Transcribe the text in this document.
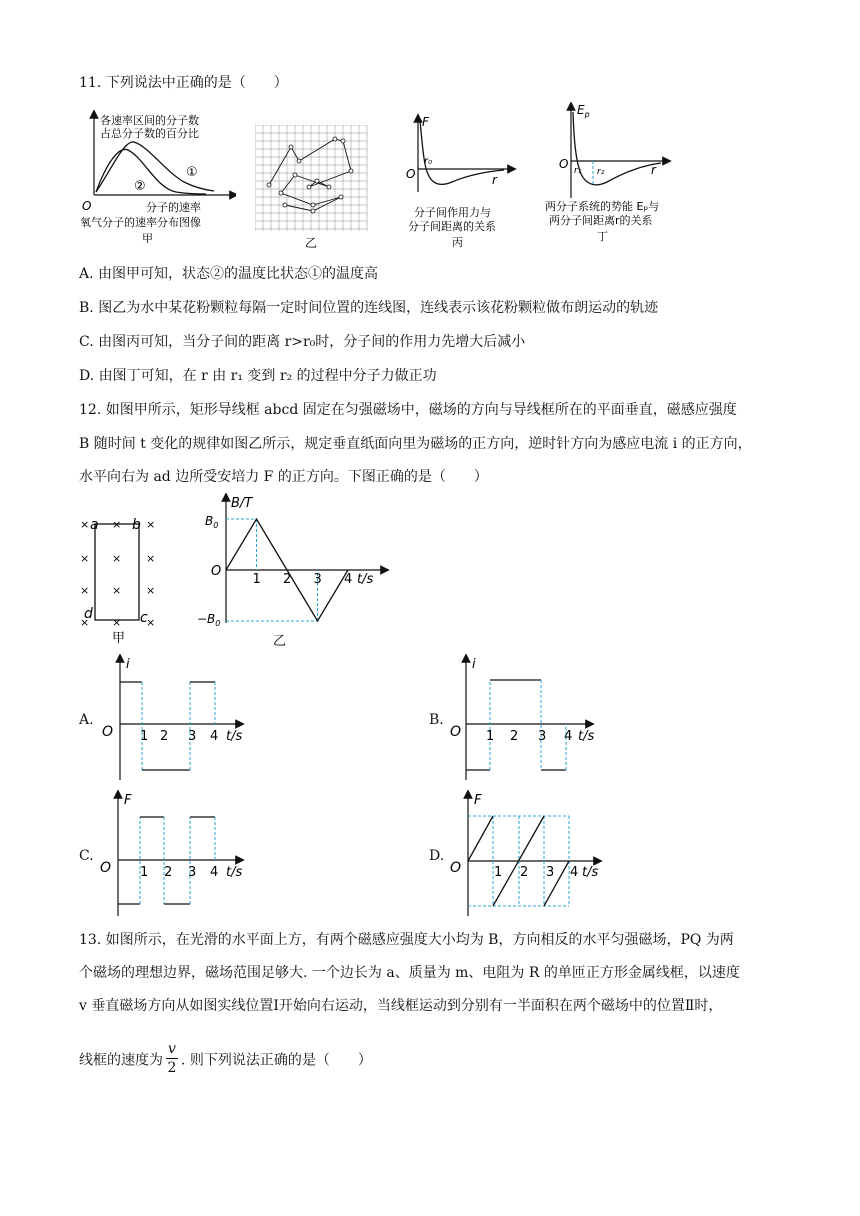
11. 下列说法中正确的是（　　）
各速率区间的分子数
占总分子数的百分比
①
②
O	分子的速率
氧气分子的速率分布图像
甲	乙
F
r₀
O	r
分子间作用力与
分子间距离的关系
丙
$E_p$
O r₁ r₂	r
两分子系统的势能 Eₚ与
两分子间距离r的关系
丁
A. 由图甲可知，状态②的温度比状态①的温度高
B. 图乙为水中某花粉颗粒每隔一定时间位置的连线图，连线表示该花粉颗粒做布朗运动的轨迹
C. 由图丙可知，当分子间的距离 r>r₀时，分子间的作用力先增大后减小
D. 由图丁可知，在 r 由 r₁ 变到 r₂ 的过程中分子力做正功
12. 如图甲所示，矩形导线框 abcd 固定在匀强磁场中，磁场的方向与导线框所在的平面垂直，磁感应强度
B 随时间 t 变化的规律如图乙所示，规定垂直纸面向里为磁场的正方向，逆时针方向为感应电流 i 的正方向，
水平向右为 ad 边所受安培力 F 的正方向。下图正确的是（　　）
× × ×
× × ×
× × ×
× × ×
a b
c
d
甲
1 2 3 4
B/T
$B_0$
$-B_0$
O
t/s
乙
A.
i
O 1 2 3 4 t/s
B.
i
O 1 2 3 4 t/s
C.
F
O 1 2 3 4 t/s
D.
F
O	1 2 3 4 t/s
13. 如图所示，在光滑的水平面上方，有两个磁感应强度大小均为 B，方向相反的水平匀强磁场，PQ 为两
个磁场的理想边界，磁场范围足够大. 一个边长为 a、质量为 m、电阻为 R 的单匝正方形金属线框，以速度
v 垂直磁场方向从如图实线位置Ⅰ开始向右运动，当线框运动到分别有一半面积在两个磁场中的位置Ⅱ时，
线框的速度为 $\frac{v}{2}$ . 则下列说法正确的是（　　）
